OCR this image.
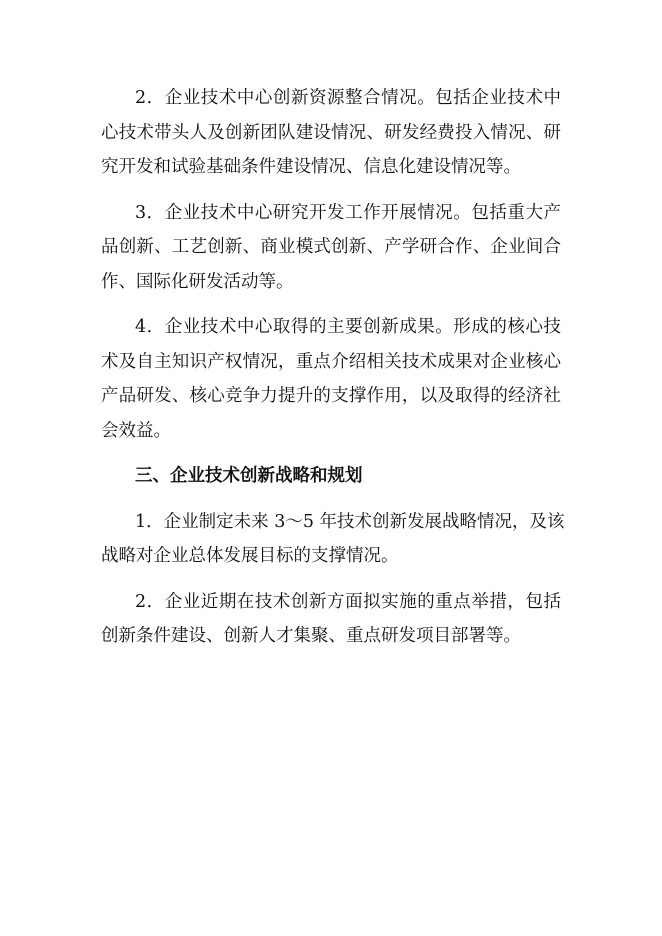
2．企业技术中心创新资源整合情况。包括企业技术中
心技术带头人及创新团队建设情况、研发经费投入情况、研
究开发和试验基础条件建设情况、信息化建设情况等。
3．企业技术中心研究开发工作开展情况。包括重大产
品创新、工艺创新、商业模式创新、产学研合作、企业间合
作、国际化研发活动等。
4．企业技术中心取得的主要创新成果。形成的核心技
术及自主知识产权情况，重点介绍相关技术成果对企业核心
产品研发、核心竞争力提升的支撑作用，以及取得的经济社
会效益。
三、企业技术创新战略和规划
1．企业制定未来 3～5 年技术创新发展战略情况，及该
战略对企业总体发展目标的支撑情况。
2．企业近期在技术创新方面拟实施的重点举措，包括
创新条件建设、创新人才集聚、重点研发项目部署等。
